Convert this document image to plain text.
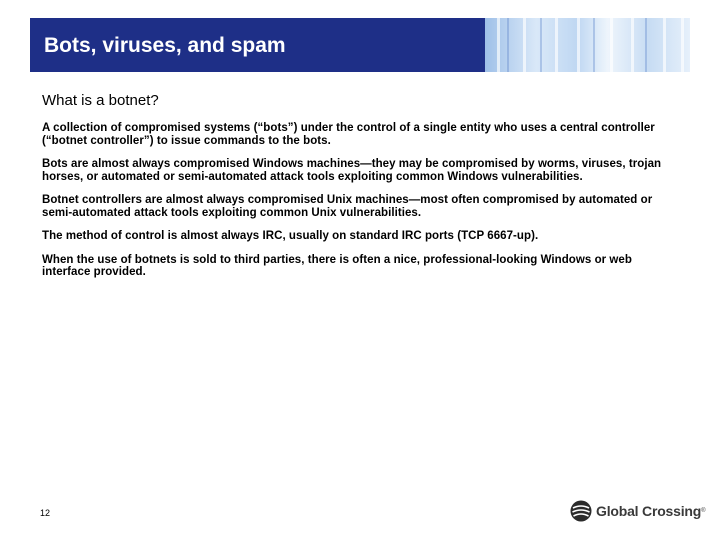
Bots, viruses, and spam
What is a botnet?

A collection of compromised systems (“bots”) under the control of a single entity who uses a central controller (“botnet controller”) to issue commands to the bots.

Bots are almost always compromised Windows machines—they may be compromised by worms, viruses, trojan horses, or automated or semi-automated attack tools exploiting common Windows vulnerabilities.

Botnet controllers are almost always compromised Unix machines—most often compromised by automated or semi-automated attack tools exploiting common Unix vulnerabilities.

The method of control is almost always IRC, usually on standard IRC ports (TCP 6667-up).

When the use of botnets is sold to third parties, there is often a nice, professional-looking Windows or web interface provided.

12	Global Crossing ®
